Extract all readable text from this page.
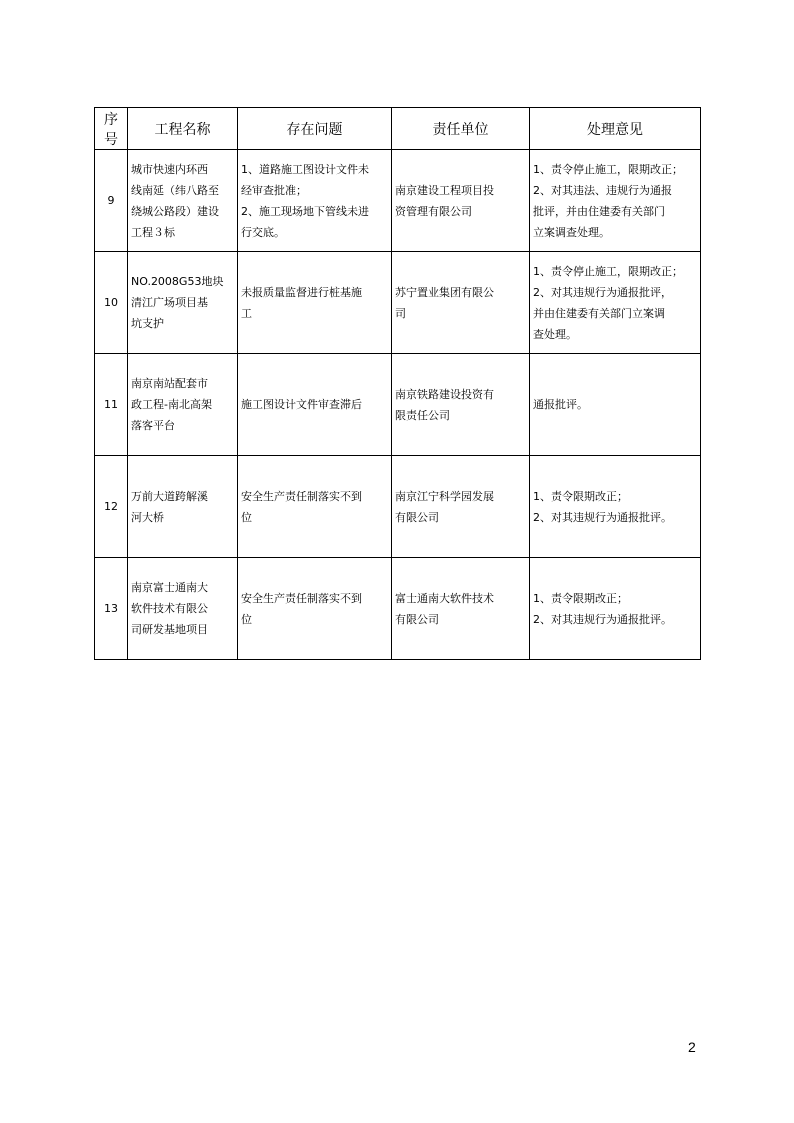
序号	工程名称	存在问题	责任单位	处理意见
9	城市快速内环西
线南延（纬八路至
绕城公路段）建设
工程３标	1、道路施工图设计文件未
经审查批准；
2、施工现场地下管线未进
行交底。	南京建设工程项目投
资管理有限公司	1、责令停止施工，限期改正；
2、对其违法、违规行为通报
批评，并由住建委有关部门
立案调查处理。

10	NO.2008G53地块
清江广场项目基
坑支护	未报质量监督进行桩基施
工	苏宁置业集团有限公
司	1、责令停止施工，限期改正；
2、对其违规行为通报批评，
并由住建委有关部门立案调
查处理。

11	南京南站配套市
政工程-南北高架
落客平台	施工图设计文件审查滞后	南京铁路建设投资有
限责任公司	通报批评。

12	万前大道跨解溪
河大桥	安全生产责任制落实不到
位	南京江宁科学园发展
有限公司	1、责令限期改正；
2、对其违规行为通报批评。

13	南京富士通南大
软件技术有限公
司研发基地项目	安全生产责任制落实不到
位	富士通南大软件技术
有限公司	1、责令限期改正；
2、对其违规行为通报批评。
2
